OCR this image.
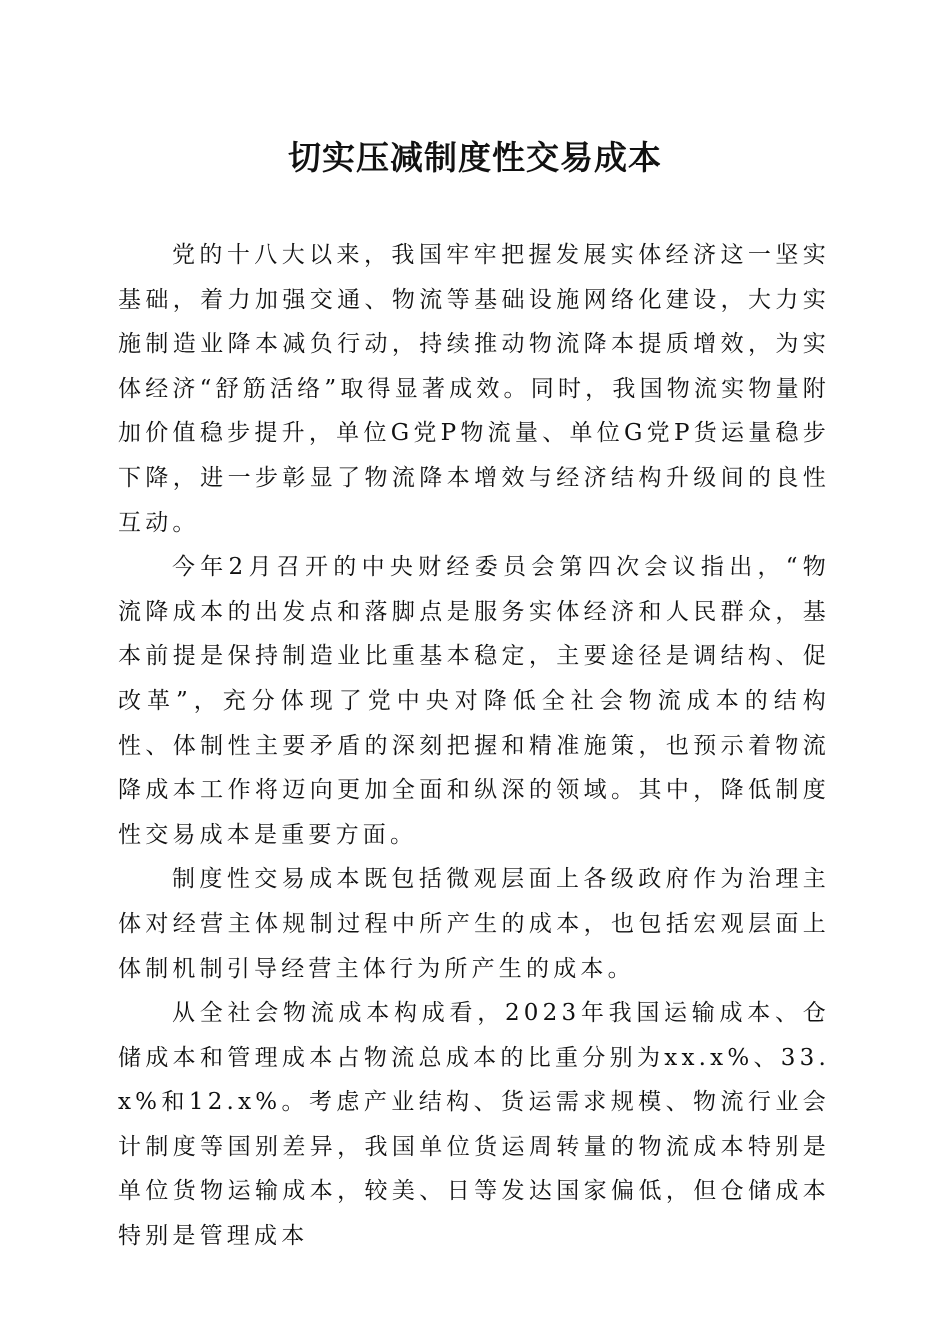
切实压减制度性交易成本

党的十八大以来，我国牢牢把握发展实体经济这一坚实基础，着力加强交通、物流等基础设施网络化建设，大力实施制造业降本减负行动，持续推动物流降本提质增效，为实体经济“舒筋活络”取得显著成效。同时，我国物流实物量附加价值稳步提升，单位G党P物流量、单位G党P货运量稳步下降，进一步彰显了物流降本增效与经济结构升级间的良性互动。

今年2月召开的中央财经委员会第四次会议指出，“物流降成本的出发点和落脚点是服务实体经济和人民群众，基本前提是保持制造业比重基本稳定，主要途径是调结构、促改革”，充分体现了党中央对降低全社会物流成本的结构性、体制性主要矛盾的深刻把握和精准施策，也预示着物流降成本工作将迈向更加全面和纵深的领域。其中，降低制度性交易成本是重要方面。

制度性交易成本既包括微观层面上各级政府作为治理主体对经营主体规制过程中所产生的成本，也包括宏观层面上体制机制引导经营主体行为所产生的成本。

从全社会物流成本构成看，2023年我国运输成本、仓储成本和管理成本占物流总成本的比重分别为xx.x%、33.x%和12.x%。考虑产业结构、货运需求规模、物流行业会计制度等国别差异，我国单位货运周转量的物流成本特别是单位货物运输成本，较美、日等发达国家偏低，但仓储成本特别是管理成本
